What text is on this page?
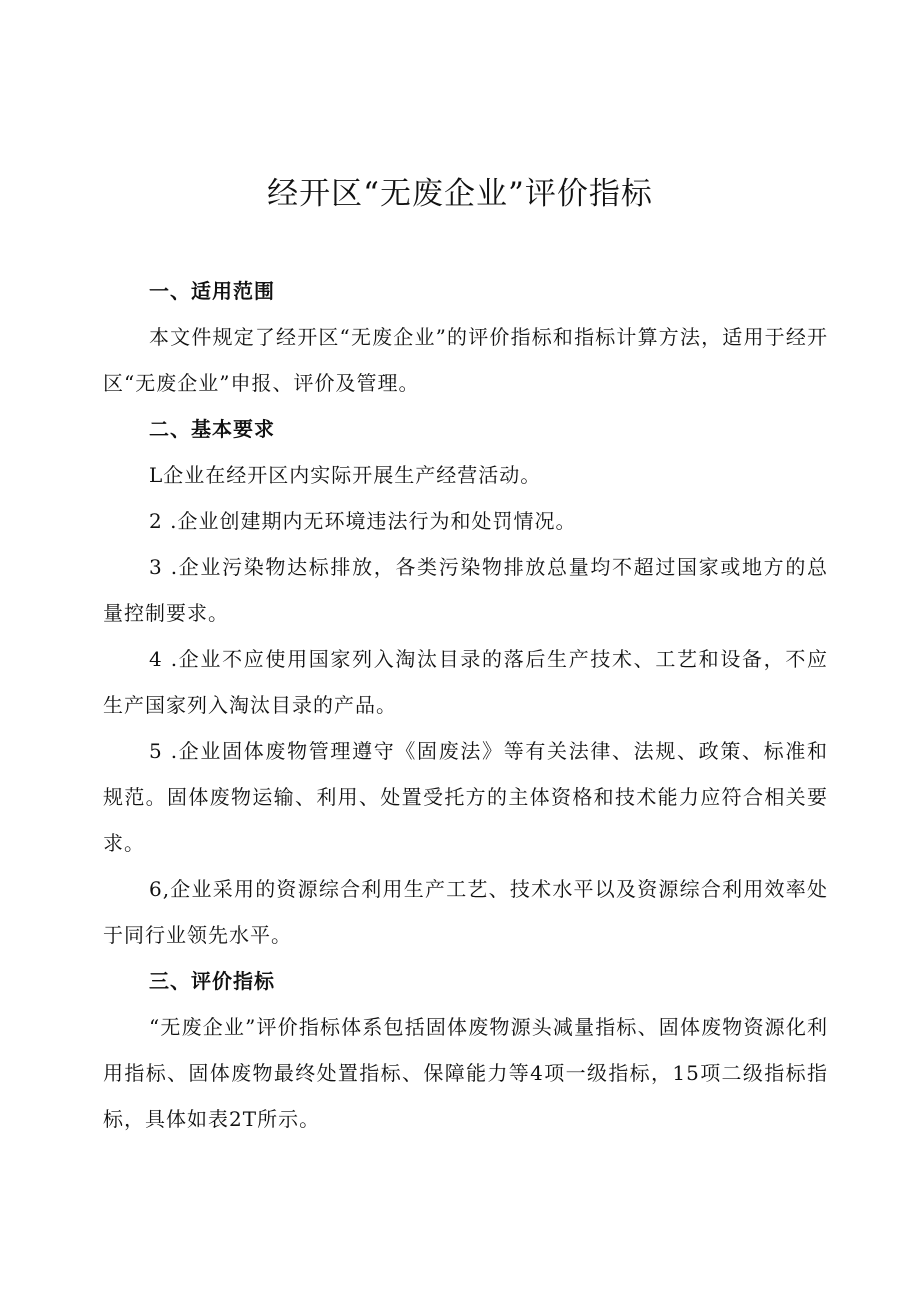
经开区“无废企业”评价指标

一、适用范围

本文件规定了经开区“无废企业”的评价指标和指标计算方法，适用于经开区“无废企业”申报、评价及管理。

二、基本要求

L企业在经开区内实际开展生产经营活动。

2 .企业创建期内无环境违法行为和处罚情况。

3 .企业污染物达标排放，各类污染物排放总量均不超过国家或地方的总量控制要求。

4 .企业不应使用国家列入淘汰目录的落后生产技术、工艺和设备，不应生产国家列入淘汰目录的产品。

5 .企业固体废物管理遵守《固废法》等有关法律、法规、政策、标准和规范。固体废物运输、利用、处置受托方的主体资格和技术能力应符合相关要求。

6,企业采用的资源综合利用生产工艺、技术水平以及资源综合利用效率处于同行业领先水平。

三、评价指标

“无废企业”评价指标体系包括固体废物源头减量指标、固体废物资源化利用指标、固体废物最终处置指标、保障能力等4项一级指标，15项二级指标指标，具体如表2T所示。
